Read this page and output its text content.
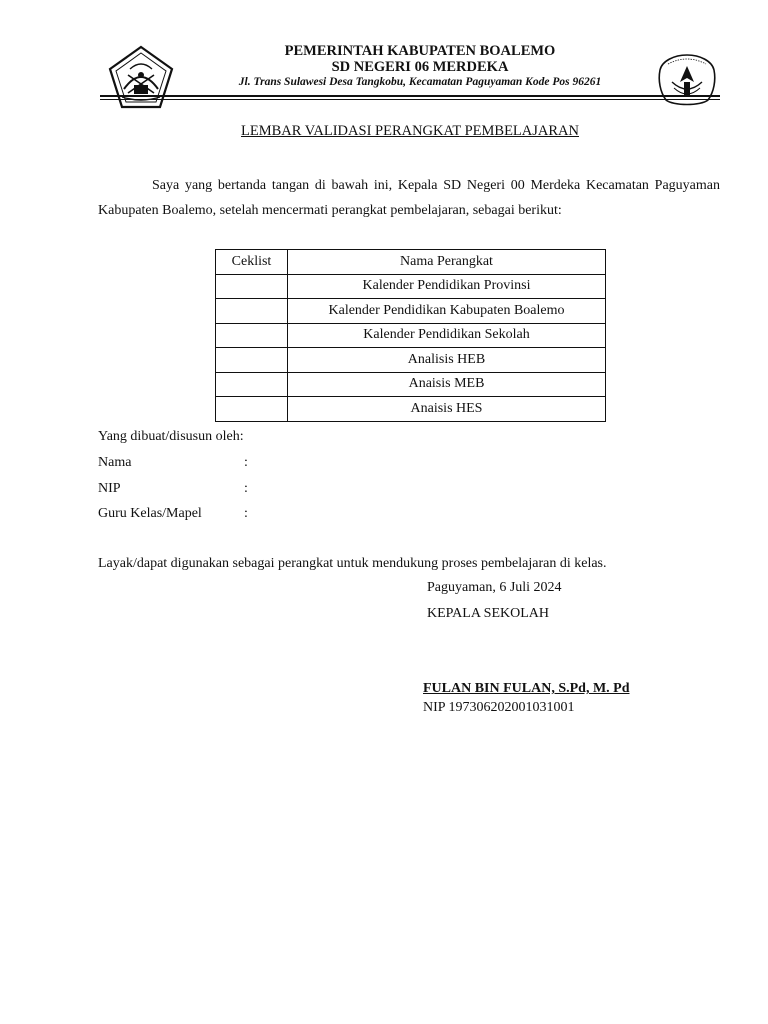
PEMERINTAH KABUPATEN BOALEMO
SD NEGERI 06 MERDEKA
Jl. Trans Sulawesi Desa Tangkobu, Kecamatan Paguyaman Kode Pos 96261
LEMBAR VALIDASI PERANGKAT PEMBELAJARAN
Saya yang bertanda tangan di bawah ini, Kepala SD Negeri 00 Merdeka Kecamatan Paguyaman Kabupaten Boalemo, setelah mencermati perangkat pembelajaran, sebagai berikut:
Ceklist	Nama Perangkat
	Kalender Pendidikan Provinsi
	Kalender Pendidikan Kabupaten Boalemo
	Kalender Pendidikan Sekolah
	Analisis HEB
	Anaisis MEB
	Anaisis HES
Yang dibuat/disusun oleh:
Nama	:
NIP	:
Guru Kelas/Mapel	:
Layak/dapat digunakan sebagai perangkat untuk mendukung proses pembelajaran di kelas.
Paguyaman, 6 Juli 2024
KEPALA SEKOLAH
FULAN BIN FULAN, S.Pd, M. Pd
NIP 197306202001031001
